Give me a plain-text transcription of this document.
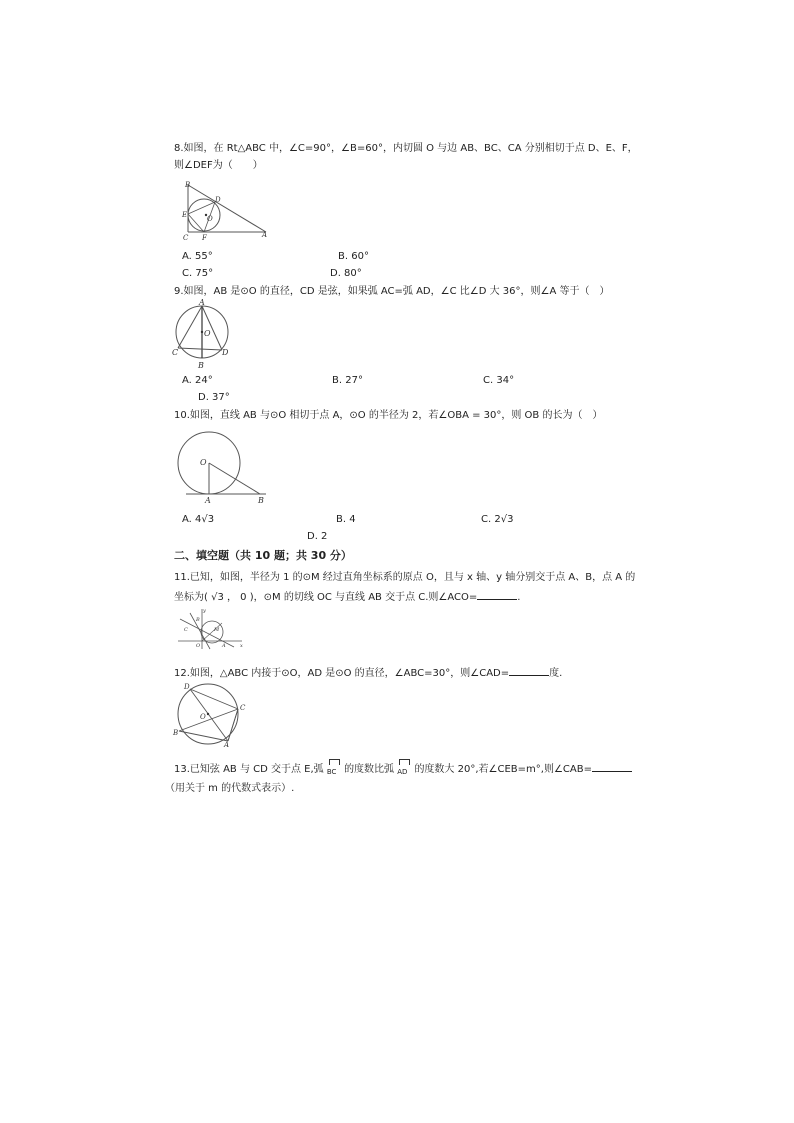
8.如图，在 Rt△ABC 中，∠C=90°，∠B=60°，内切圆 O 与边 AB、BC、CA 分别相切于点 D、E、F，
则∠DEF为（　　）
B
D
E	O
C F	A
A. 55°	B. 60°
C. 75°	D. 80°
9.如图，AB 是⊙O 的直径，CD 是弦，如果弧 AC=弧 AD，∠C 比∠D 大 36°，则∠A 等于（　）
A
O
C	D
B
A. 24°	B. 27°	C. 34°
D. 37°
10.如图，直线 AB 与⊙O 相切于点 A，⊙O 的半径为 2，若∠OBA = 30°，则 OB 的长为（　）
O
A	B
A. 4√3	B. 4	C. 2√3
D. 2
二、填空题（共 10 题；共 30 分）
11.已知，如图，半径为 1 的⊙M 经过直角坐标系的原点 O，且与 x 轴、y 轴分别交于点 A、B，点 A 的
坐标为( √3 ， 0 )，⊙M 的切线 OC 与直线 AB 交于点 C.则∠ACO=	.
y
B
M
O	A	x
C
12.如图，△ABC 内接于⊙O，AD 是⊙O 的直径，∠ABC=30°，则∠CAD=	度.
D
C
O
B
A
13.已知弦 AB 与 CD 交于点 E,弧 BC 的度数比弧 AD 的度数大 20°,若∠CEB=m°,则∠CAB=
（用关于 m 的代数式表示）.
